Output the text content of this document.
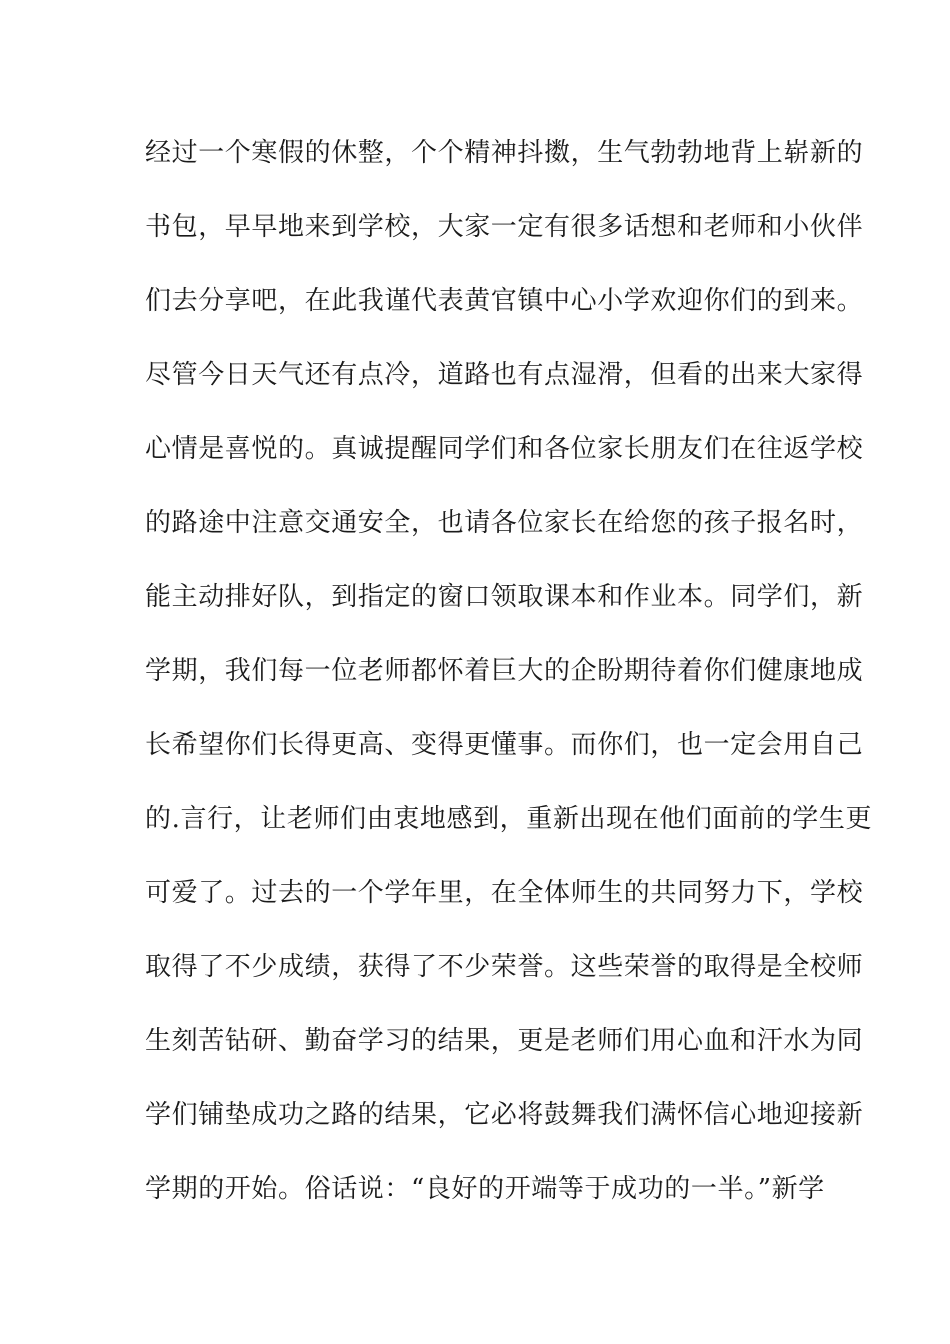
经过一个寒假的休整，个个精神抖擞，生气勃勃地背上崭新的
书包，早早地来到学校，大家一定有很多话想和老师和小伙伴
们去分享吧，在此我谨代表黄官镇中心小学欢迎你们的到来。
尽管今日天气还有点冷，道路也有点湿滑，但看的出来大家得
心情是喜悦的。真诚提醒同学们和各位家长朋友们在往返学校
的路途中注意交通安全，也请各位家长在给您的孩子报名时，
能主动排好队，到指定的窗口领取课本和作业本。同学们，新
学期，我们每一位老师都怀着巨大的企盼期待着你们健康地成
长希望你们长得更高、变得更懂事。而你们，也一定会用自己
的.言行，让老师们由衷地感到，重新出现在他们面前的学生更
可爱了。过去的一个学年里，在全体师生的共同努力下，学校
取得了不少成绩，获得了不少荣誉。这些荣誉的取得是全校师
生刻苦钻研、勤奋学习的结果，更是老师们用心血和汗水为同
学们铺垫成功之路的结果，它必将鼓舞我们满怀信心地迎接新
学期的开始。俗话说：“良好的开端等于成功的一半。”新学
